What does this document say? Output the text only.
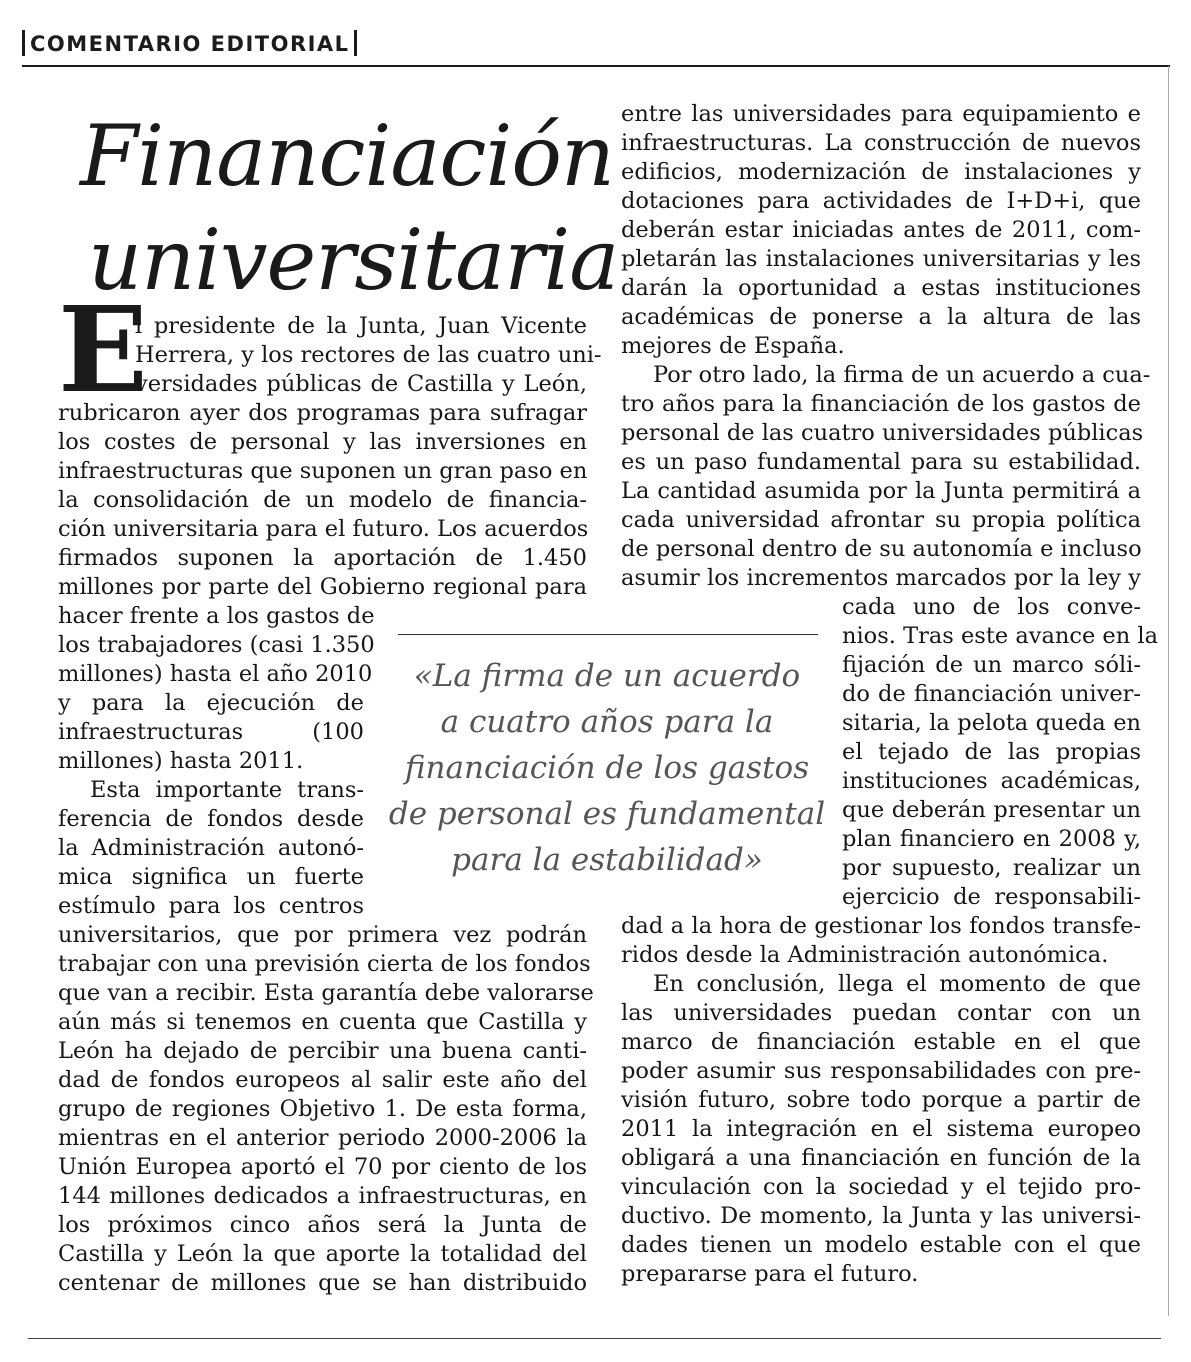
COMENTARIO EDITORIAL
Financiación
universitaria
E
l presidente de la Junta, Juan Vicente
Herrera, y los rectores de las cuatro uni-
versidades públicas de Castilla y León,
rubricaron ayer dos programas para sufragar
los costes de personal y las inversiones en
infraestructuras que suponen un gran paso en
la consolidación de un modelo de financia-
ción universitaria para el futuro. Los acuerdos
firmados suponen la aportación de 1.450
millones por parte del Gobierno regional para
hacer frente a los gastos de
los trabajadores (casi 1.350
millones) hasta el año 2010
y para la ejecución de
infraestructuras (100
millones) hasta 2011.
Esta importante trans-
ferencia de fondos desde
la Administración autonó-
mica significa un fuerte
estímulo para los centros
universitarios, que por primera vez podrán
trabajar con una previsión cierta de los fondos
que van a recibir. Esta garantía debe valorarse
aún más si tenemos en cuenta que Castilla y
León ha dejado de percibir una buena canti-
dad de fondos europeos al salir este año del
grupo de regiones Objetivo 1. De esta forma,
mientras en el anterior periodo 2000-2006 la
Unión Europea aportó el 70 por ciento de los
144 millones dedicados a infraestructuras, en
los próximos cinco años será la Junta de
Castilla y León la que aporte la totalidad del
centenar de millones que se han distribuido
entre las universidades para equipamiento e
infraestructuras. La construcción de nuevos
edificios, modernización de instalaciones y
dotaciones para actividades de I+D+i, que
deberán estar iniciadas antes de 2011, com-
pletarán las instalaciones universitarias y les
darán la oportunidad a estas instituciones
académicas de ponerse a la altura de las
mejores de España.
Por otro lado, la firma de un acuerdo a cua-
tro años para la financiación de los gastos de
personal de las cuatro universidades públicas
es un paso fundamental para su estabilidad.
La cantidad asumida por la Junta permitirá a
cada universidad afrontar su propia política
de personal dentro de su autonomía e incluso
asumir los incrementos marcados por la ley y
cada uno de los conve-
nios. Tras este avance en la
fijación de un marco sóli-
do de financiación univer-
sitaria, la pelota queda en
el tejado de las propias
instituciones académicas,
que deberán presentar un
plan financiero en 2008 y,
por supuesto, realizar un
ejercicio de responsabili-
dad a la hora de gestionar los fondos transfe-
ridos desde la Administración autonómica.
En conclusión, llega el momento de que
las universidades puedan contar con un
marco de financiación estable en el que
poder asumir sus responsabilidades con pre-
visión futuro, sobre todo porque a partir de
2011 la integración en el sistema europeo
obligará a una financiación en función de la
vinculación con la sociedad y el tejido pro-
ductivo. De momento, la Junta y las universi-
dades tienen un modelo estable con el que
prepararse para el futuro.
«La firma de un acuerdo
a cuatro años para la
financiación de los gastos
de personal es fundamental
para la estabilidad»
